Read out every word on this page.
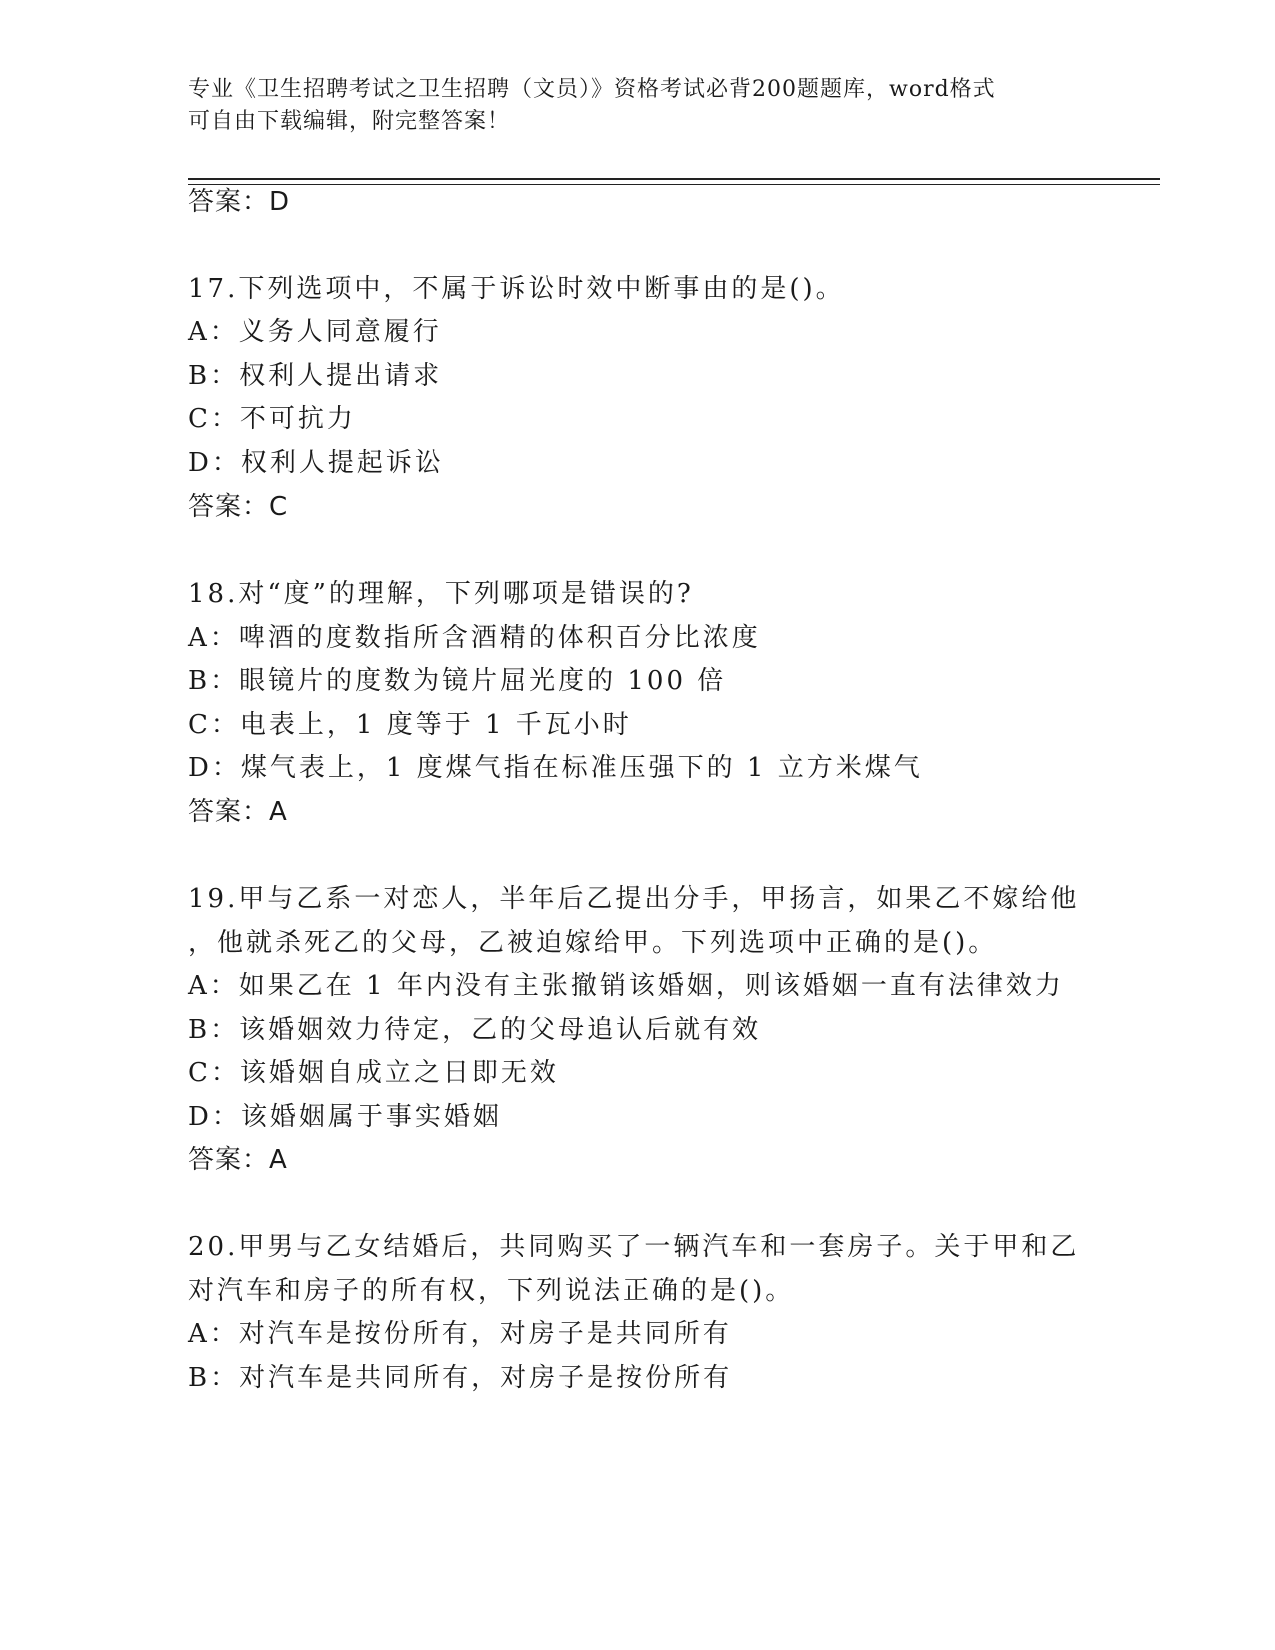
专业《卫生招聘考试之卫生招聘（文员）》资格考试必背200题题库，word格式
可自由下载编辑，附完整答案！
答案：D
17.下列选项中，不属于诉讼时效中断事由的是()。
A：义务人同意履行
B：权利人提出请求
C：不可抗力
D：权利人提起诉讼
答案：C
18.对“度”的理解，下列哪项是错误的?
A：啤酒的度数指所含酒精的体积百分比浓度
B：眼镜片的度数为镜片屈光度的 100 倍
C：电表上，1 度等于 1 千瓦小时
D：煤气表上，1 度煤气指在标准压强下的 1 立方米煤气
答案：A
19.甲与乙系一对恋人，半年后乙提出分手，甲扬言，如果乙不嫁给他
，他就杀死乙的父母，乙被迫嫁给甲。下列选项中正确的是()。
A：如果乙在 1 年内没有主张撤销该婚姻，则该婚姻一直有法律效力
B：该婚姻效力待定，乙的父母追认后就有效
C：该婚姻自成立之日即无效
D：该婚姻属于事实婚姻
答案：A
20.甲男与乙女结婚后，共同购买了一辆汽车和一套房子。关于甲和乙
对汽车和房子的所有权，下列说法正确的是()。
A：对汽车是按份所有，对房子是共同所有
B：对汽车是共同所有，对房子是按份所有
